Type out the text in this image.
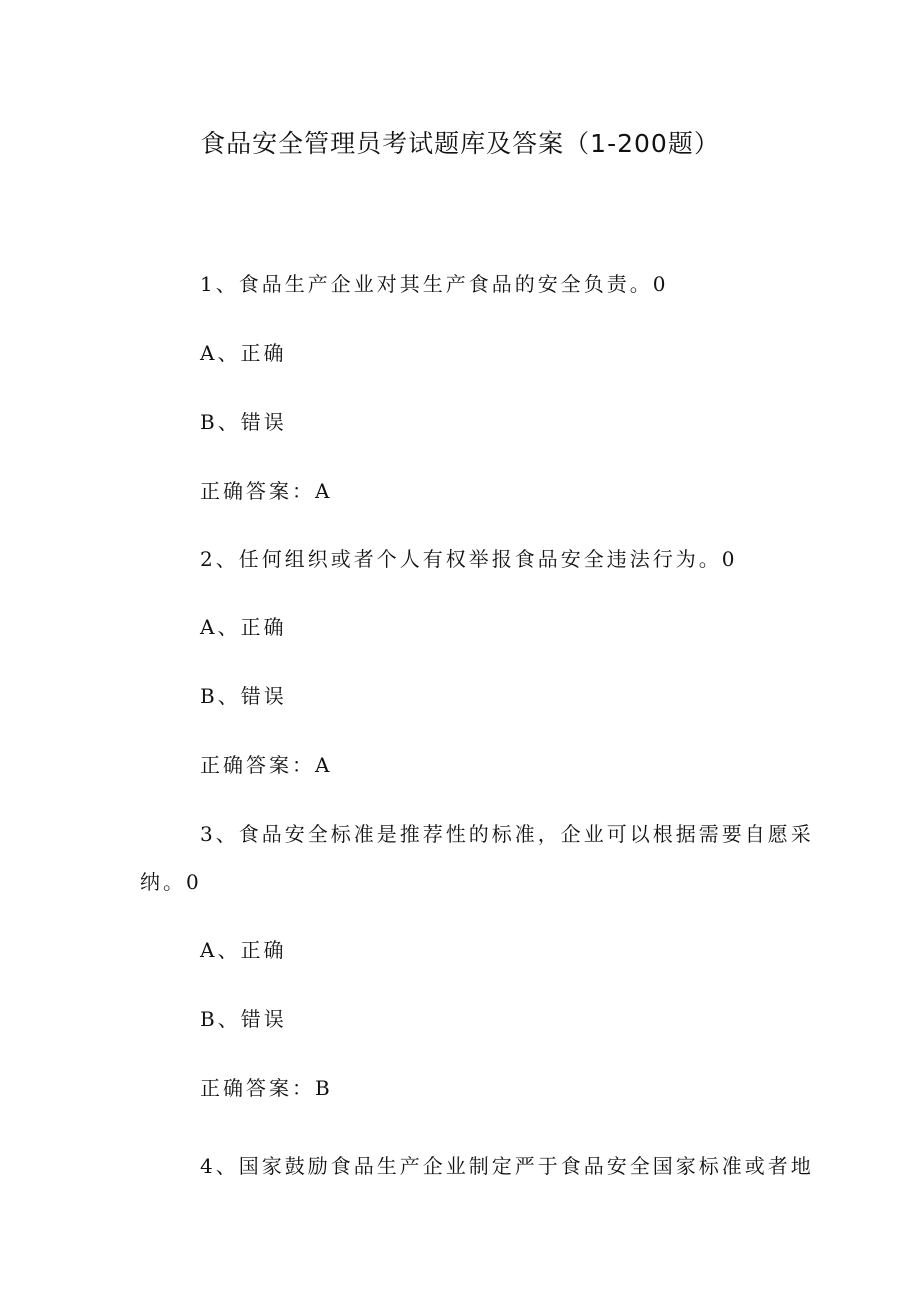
食品安全管理员考试题库及答案（1-200题）
1、食品生产企业对其生产食品的安全负责。0
A、正确
B、错误
正确答案：A
2、任何组织或者个人有权举报食品安全违法行为。0
A、正确
B、错误
正确答案：A
3、食品安全标准是推荐性的标准，企业可以根据需要自愿采
纳。0
A、正确
B、错误
正确答案：B
4、国家鼓励食品生产企业制定严于食品安全国家标准或者地
